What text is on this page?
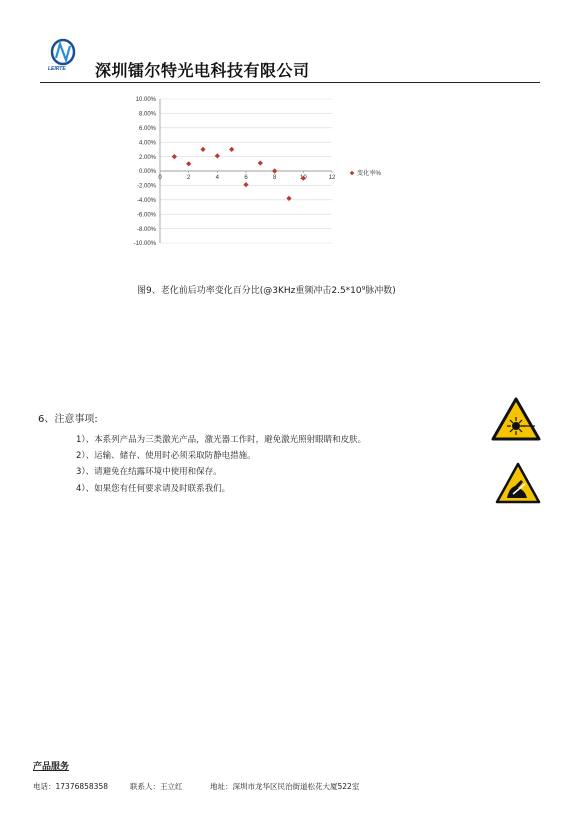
LEIRTE 深圳镭尔特光电科技有限公司
10.00%
8.00%
6.00%
4.00%
2.00%
0.00%
-2.00%
-4.00%
-6.00%
-8.00%
-10.00%
0	2	4	6	8	12
变化率%
图9、老化前后功率变化百分比(@3KHz重频冲击2.5*10⁹脉冲数)
6、注意事项:
1）、本系列产品为三类激光产品，激光器工作时，避免激光照射眼睛和皮肤。
2）、运输、储存、使用时必须采取防静电措施。
3）、请避免在结露环境中使用和保存。
4）、如果您有任何要求请及时联系我们。
产品服务
电话：17376858358	联系人：王立红	地址：深圳市龙华区民治街道松花大厦522室
